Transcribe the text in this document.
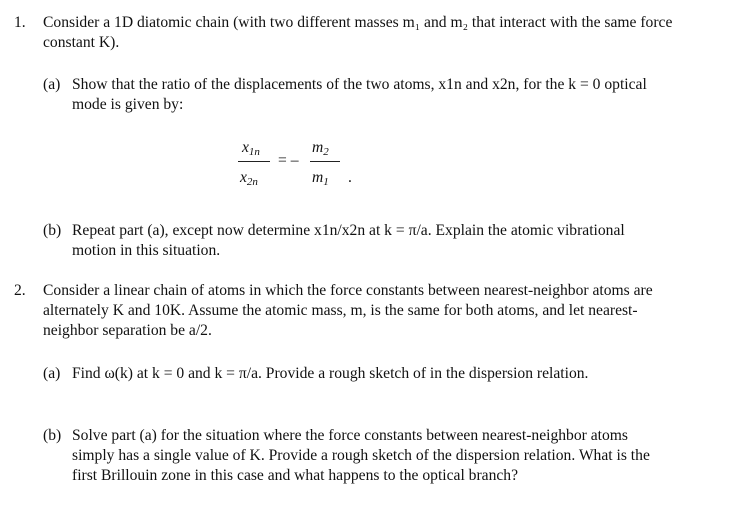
1. Consider a 1D diatomic chain (with two different masses m₁ and m₂ that interact with the same force constant K).
(a) Show that the ratio of the displacements of the two atoms, x1n and x2n, for the k = 0 optical mode is given by:
$x_{1n}$
$x_{2n}$
= –
$m_2$
$m_1$ .
(b) Repeat part (a), except now determine x1n/x2n at k = π/a. Explain the atomic vibrational motion in this situation.
2. Consider a linear chain of atoms in which the force constants between nearest-neighbor atoms are alternately K and 10K. Assume the atomic mass, m, is the same for both atoms, and let nearest-neighbor separation be a/2.
(a) Find ω(k) at k = 0 and k = π/a. Provide a rough sketch of in the dispersion relation.
(b) Solve part (a) for the situation where the force constants between nearest-neighbor atoms simply has a single value of K. Provide a rough sketch of the dispersion relation. What is the first Brillouin zone in this case and what happens to the optical branch?
